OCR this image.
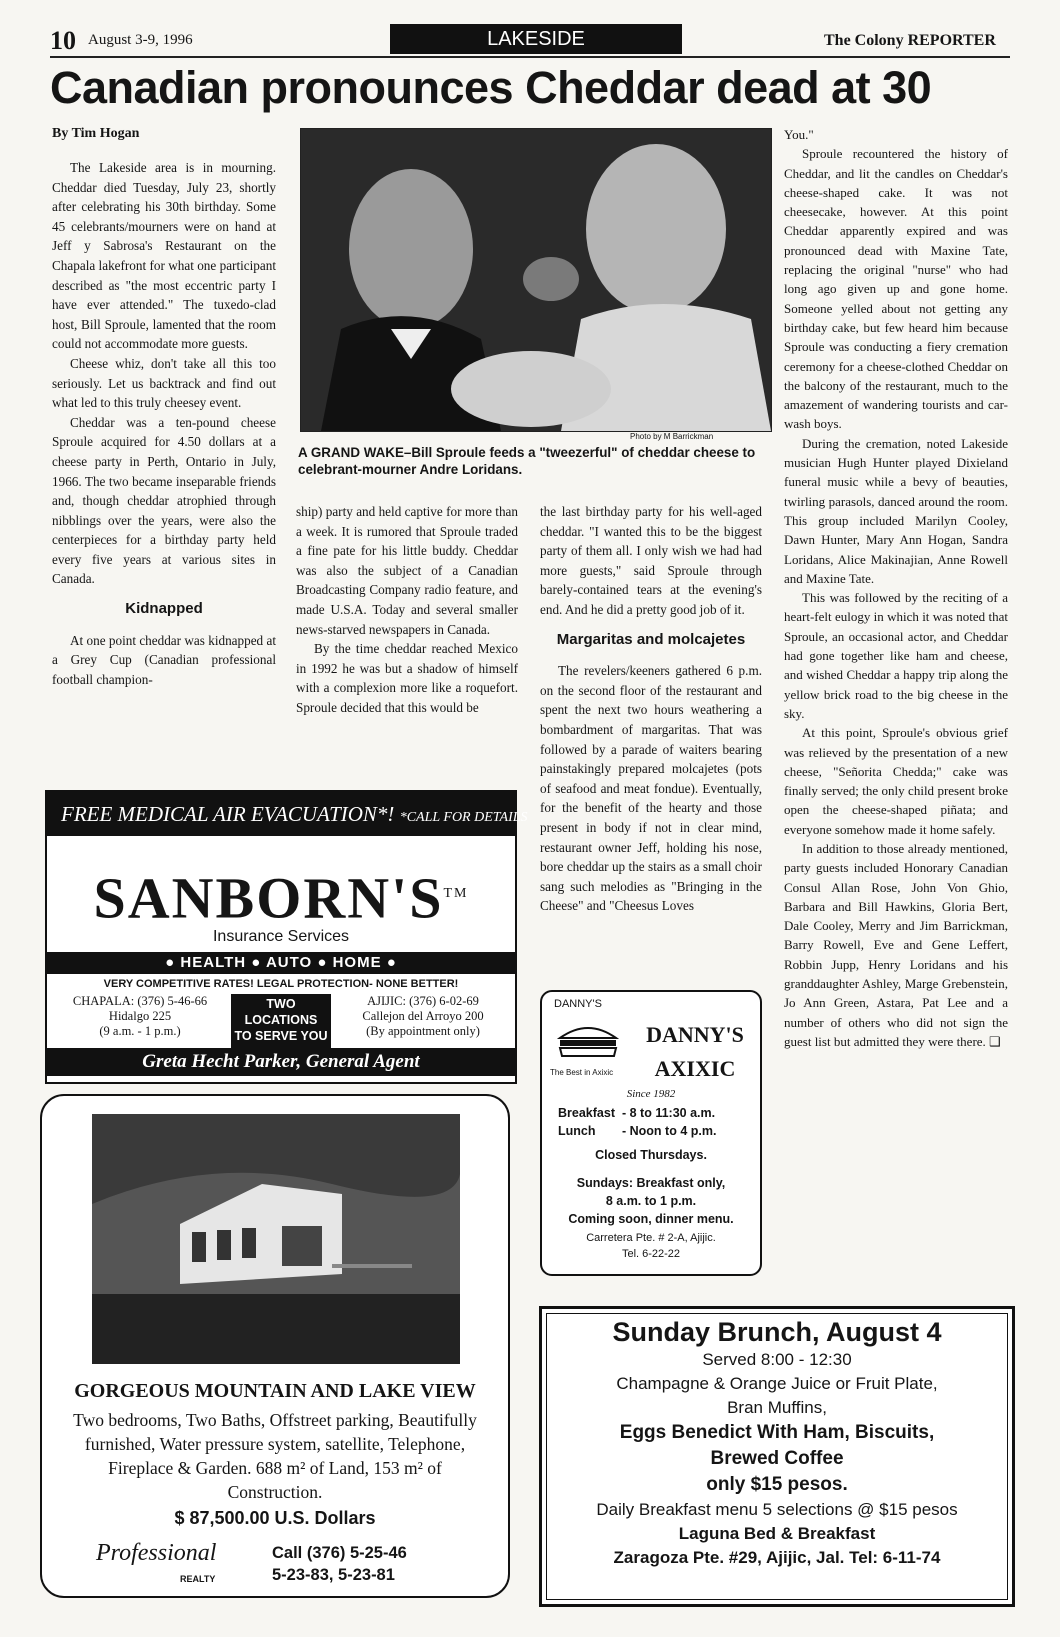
10 August 3-9, 1996	LAKESIDE	The Colony REPORTER
Canadian pronounces Cheddar dead at 30
By Tim Hogan

The Lakeside area is in mourning. Cheddar died Tuesday, July 23, shortly after celebrating his 30th birthday. Some 45 celebrants/mourners were on hand at Jeff y Sabrosa's Restaurant on the Chapala lakefront for what one participant described as "the most eccentric party I have ever attended." The tuxedo-clad host, Bill Sproule, lamented that the room could not accommodate more guests.

Cheese whiz, don't take all this too seriously. Let us backtrack and find out what led to this truly cheesey event.

Cheddar was a ten-pound cheese Sproule acquired for 4.50 dollars at a cheese party in Perth, Ontario in July, 1966. The two became inseparable friends and, though cheddar atrophied through nibblings over the years, were also the centerpieces for a birthday party held every five years at various sites in Canada.

Kidnapped

At one point cheddar was kidnapped at a Grey Cup (Canadian professional football champion-

Photo by M Barrickman
A GRAND WAKE–Bill Sproule feeds a "tweezerful" of cheddar cheese to celebrant-mourner Andre Loridans.

ship) party and held captive for more than a week. It is rumored that Sproule traded a fine pate for his little buddy. Cheddar was also the subject of a Canadian Broadcasting Company radio feature, and made U.S.A. Today and several smaller news-starved newspapers in Canada.

By the time cheddar reached Mexico in 1992 he was but a shadow of himself with a complexion more like a roquefort. Sproule decided that this would be

the last birthday party for his well-aged cheddar. "I wanted this to be the biggest party of them all. I only wish we had had more guests," said Sproule through barely-contained tears at the evening's end. And he did a pretty good job of it.

Margaritas and molcajetes

The revelers/keeners gathered 6 p.m. on the second floor of the restaurant and spent the next two hours weathering a bombardment of margaritas. That was followed by a parade of waiters bearing painstakingly prepared molcajetes (pots of seafood and meat fondue). Eventually, for the benefit of the hearty and those present in body if not in clear mind, restaurant owner Jeff, holding his nose, bore cheddar up the stairs as a small choir sang such melodies as "Bringing in the Cheese" and "Cheesus Loves

You."

Sproule recountered the history of Cheddar, and lit the candles on Cheddar's cheese-shaped cake. It was not cheesecake, however. At this point Cheddar apparently expired and was pronounced dead with Maxine Tate, replacing the original "nurse" who had long ago given up and gone home. Someone yelled about not getting any birthday cake, but few heard him because Sproule was conducting a fiery cremation ceremony for a cheese-clothed Cheddar on the balcony of the restaurant, much to the amazement of wandering tourists and car-wash boys.

During the cremation, noted Lakeside musician Hugh Hunter played Dixieland funeral music while a bevy of beauties, twirling parasols, danced around the room. This group included Marilyn Cooley, Dawn Hunter, Mary Ann Hogan, Sandra Loridans, Alice Makinajian, Anne Rowell and Maxine Tate.

This was followed by the reciting of a heart-felt eulogy in which it was noted that Sproule, an occasional actor, and Cheddar had gone together like ham and cheese, and wished Cheddar a happy trip along the yellow brick road to the big cheese in the sky.

At this point, Sproule's obvious grief was relieved by the presentation of a new cheese, "Señorita Chedda;" cake was finally served; the only child present broke open the cheese-shaped piñata; and everyone somehow made it home safely.

In addition to those already mentioned, party guests included Honorary Canadian Consul Allan Rose, John Von Ghio, Barbara and Bill Hawkins, Gloria Bert, Dale Cooley, Merry and Jim Barrickman, Barry Rowell, Eve and Gene Leffert, Robbin Jupp, Henry Loridans and his granddaughter Ashley, Marge Grebenstein, Jo Ann Green, Astara, Pat Lee and a number of others who did not sign the guest list but admitted they were there. ❑

FREE MEDICAL AIR EVACUATION*! *CALL FOR DETAILS
SANBORN'S™
Insurance Services
● HEALTH ● AUTO ● HOME ●
VERY COMPETITIVE RATES! LEGAL PROTECTION- NONE BETTER!
CHAPALA: (376) 5-46-66
Hidalgo 225
(9 a.m. - 1 p.m.)
TWO
LOCATIONS
TO SERVE YOU
AJIJIC: (376) 6-02-69
Callejon del Arroyo 200
(By appointment only)
Greta Hecht Parker, General Agent
GORGEOUS MOUNTAIN AND LAKE VIEW
Two bedrooms, Two Baths, Offstreet parking, Beautifully furnished, Water pressure system, satellite, Telephone, Fireplace & Garden. 688 m² of Land, 153 m² of Construction.
$ 87,500.00 U.S. Dollars
Professional
REALTY
Call (376) 5-25-46
5-23-83, 5-23-81
DANNY'S
DANNY'S AXIXIC
The Best in Axixic
Since 1982
Breakfast - 8 to 11:30 a.m.
Lunch - Noon to 4 p.m.
Closed Thursdays.
Sundays: Breakfast only,
8 a.m. to 1 p.m.
Coming soon, dinner menu.
Carretera Pte. # 2-A, Ajijic.
Tel. 6-22-22
Sunday Brunch, August 4
Served 8:00 - 12:30
Champagne & Orange Juice or Fruit Plate,
Bran Muffins,
Eggs Benedict With Ham, Biscuits,
Brewed Coffee
only $15 pesos.
Daily Breakfast menu 5 selections @ $15 pesos
Laguna Bed & Breakfast
Zaragoza Pte. #29, Ajijic, Jal. Tel: 6-11-74
